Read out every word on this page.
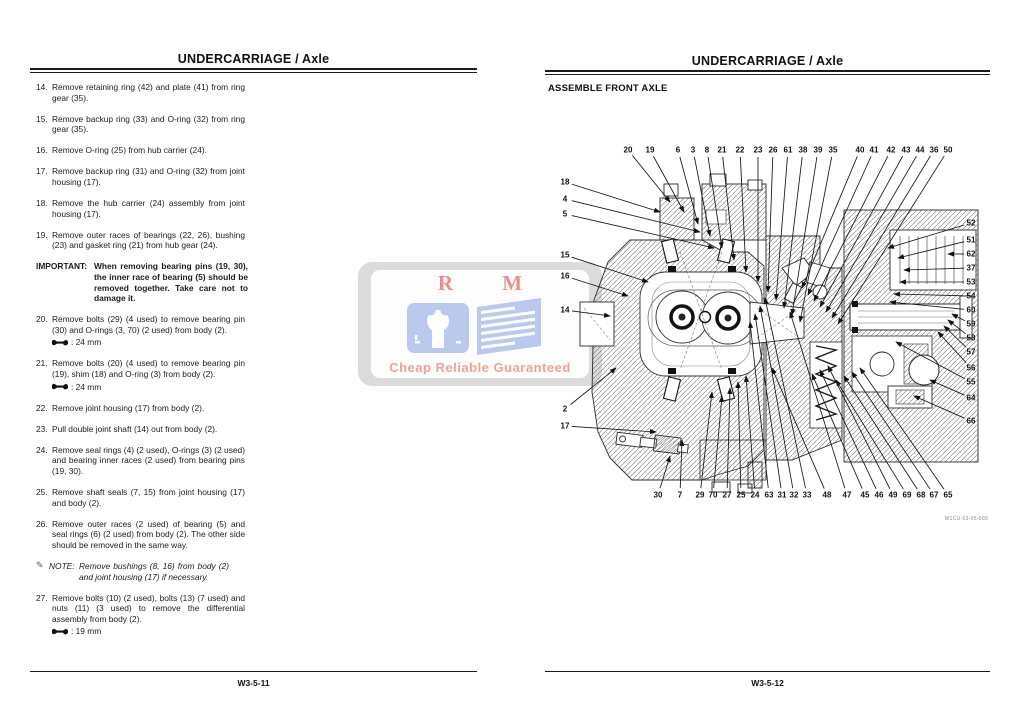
UNDERCARRIAGE / Axle
14. Remove retaining ring (42) and plate (41) from ring gear (35).
15. Remove backup ring (33) and O-ring (32) from ring gear (35).
16. Remove O-ring (25) from hub carrier (24).
17. Remove backup ring (31) and O-ring (32) from joint housing (17).
18. Remove the hub carrier (24) assembly from joint housing (17).
19. Remove outer races of bearings (22, 26), bushing (23) and gasket ring (21) from hub gear (24).
IMPORTANT: When removing bearing pins (19, 30), the inner race of bearing (5) should be removed together. Take care not to damage it.
20. Remove bolts (29) (4 used) to remove bearing pin (30) and O-rings (3, 70) (2 used) from body (2).
: 24 mm
21. Remove bolts (20) (4 used) to remove bearing pin (19), shim (18) and O-ring (3) from body (2).
: 24 mm
22. Remove joint housing (17) from body (2).
23. Pull double joint shaft (14) out from body (2).
24. Remove seal rings (4) (2 used), O-rings (3) (2 used) and bearing inner races (2 used) from bearing pins (19, 30).
25. Remove shaft seals (7, 15) from joint housing (17) and body (2).
26. Remove outer races (2 used) of bearing (5) and seal rings (6) (2 used) from body (2). The other side should be removed in the same way.
✎ NOTE: Remove bushings (8, 16) from body (2) and joint housing (17) if necessary.
27. Remove bolts (10) (2 used), bolts (13) (7 used) and nuts (11) (3 used) to remove the differential assembly from body (2).
: 19 mm
W3-5-11
UNDERCARRIAGE / Axle
ASSEMBLE FRONT AXLE
W3-5-12
R M
Cheap Reliable Guaranteed
20 19	6 3 8 21 22 23 26 61 38 39 35 40 41 42 43 44 36 50
18
4
5
15
16
14
2
17
52
51
62
37
53
54
60
59
58
57
56
55
64
66
30 7 29 70 27 25 24 63 31 32 33 48 47 45 46 49 69 68 67 65
W1CU-03-05-003
